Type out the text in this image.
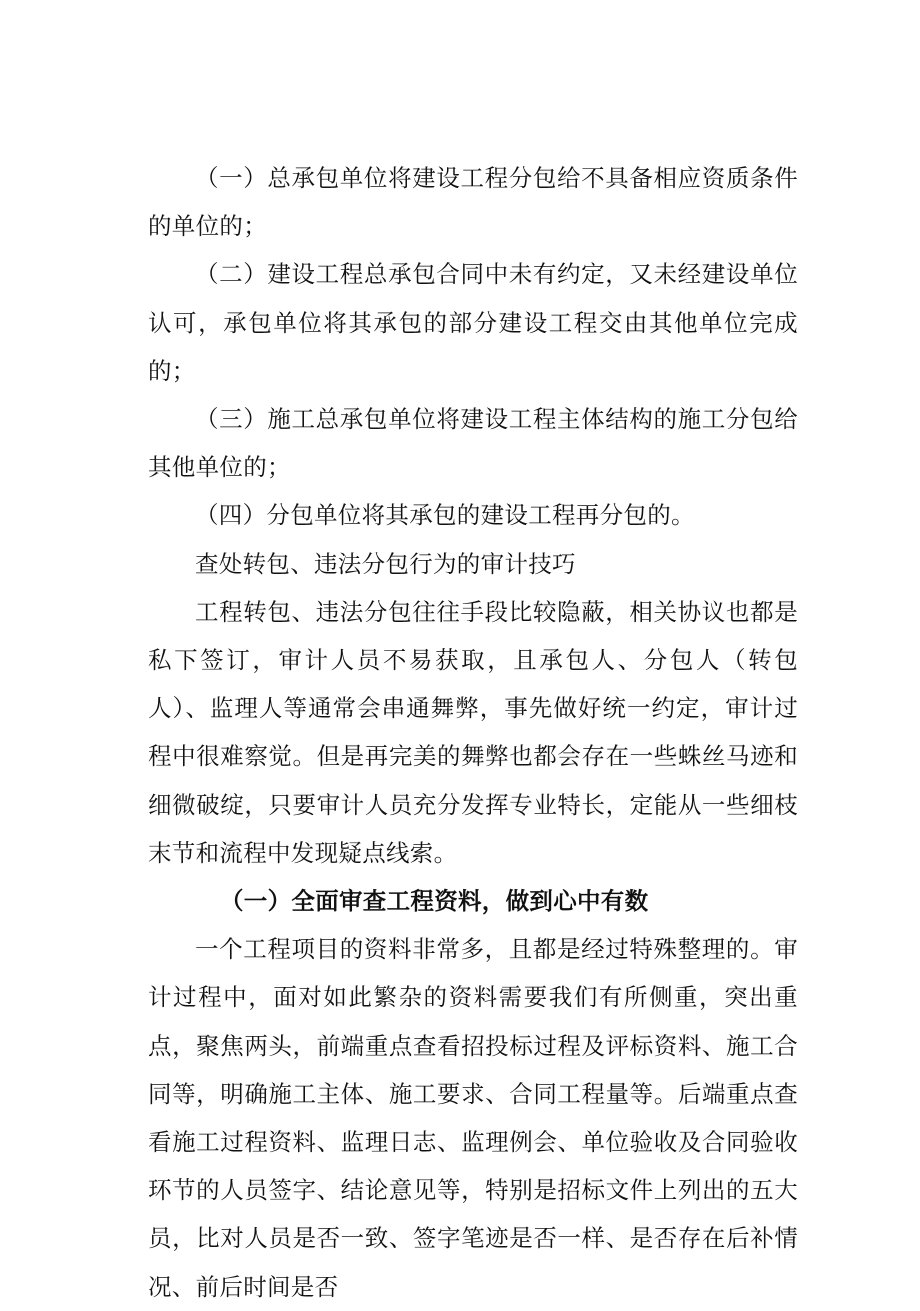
（一）总承包单位将建设工程分包给不具备相应资质条件的单位的；

（二）建设工程总承包合同中未有约定，又未经建设单位认可，承包单位将其承包的部分建设工程交由其他单位完成的；

（三）施工总承包单位将建设工程主体结构的施工分包给其他单位的；

（四）分包单位将其承包的建设工程再分包的。

查处转包、违法分包行为的审计技巧

工程转包、违法分包往往手段比较隐蔽，相关协议也都是私下签订，审计人员不易获取，且承包人、分包人（转包人）、监理人等通常会串通舞弊，事先做好统一约定，审计过程中很难察觉。但是再完美的舞弊也都会存在一些蛛丝马迹和细微破绽，只要审计人员充分发挥专业特长，定能从一些细枝末节和流程中发现疑点线索。

（一）全面审查工程资料，做到心中有数

一个工程项目的资料非常多，且都是经过特殊整理的。审计过程中，面对如此繁杂的资料需要我们有所侧重，突出重点，聚焦两头，前端重点查看招投标过程及评标资料、施工合同等，明确施工主体、施工要求、合同工程量等。后端重点查看施工过程资料、监理日志、监理例会、单位验收及合同验收环节的人员签字、结论意见等，特别是招标文件上列出的五大员，比对人员是否一致、签字笔迹是否一样、是否存在后补情况、前后时间是否
